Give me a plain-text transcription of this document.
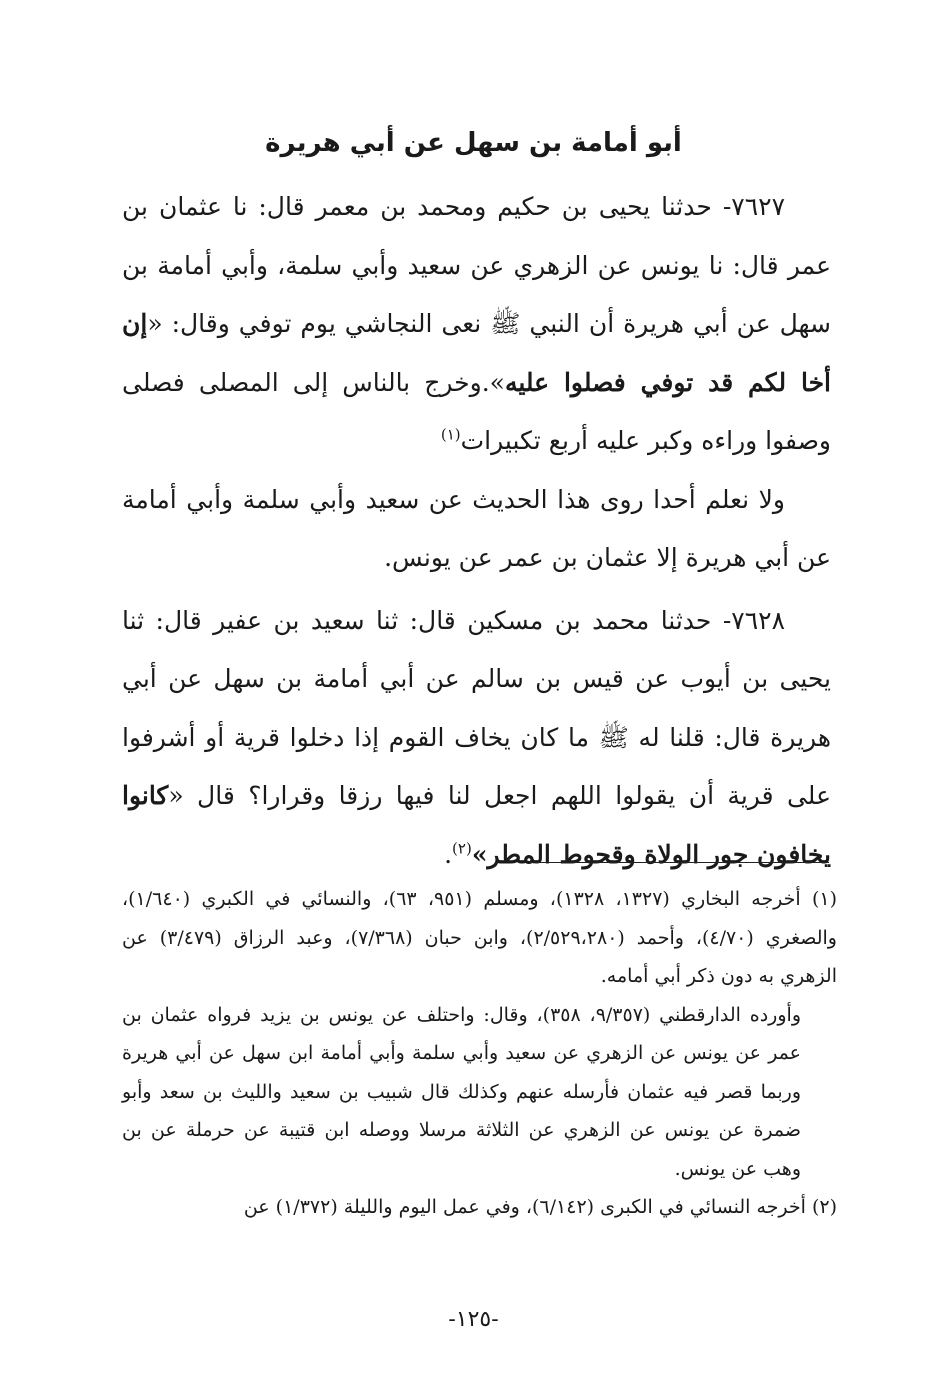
أبو أمامة بن سهل عن أبي هريرة

٧٦٢٧- حدثنا يحيى بن حكيم ومحمد بن معمر قال: نا عثمان بن عمر قال: نا يونس عن الزهري عن سعيد وأبي سلمة، وأبي أمامة بن سهل عن أبي هريرة أن النبي ﷺ نعى النجاشي يوم توفي وقال: «إن أخا لكم قد توفي فصلوا عليه».وخرج بالناس إلى المصلى فصلى وصفوا وراءه وكبر عليه أربع تكبيرات$^{(١)}$

ولا نعلم أحدا روى هذا الحديث عن سعيد وأبي سلمة وأبي أمامة عن أبي هريرة إلا عثمان بن عمر عن يونس.

٧٦٢٨- حدثنا محمد بن مسكين قال: ثنا سعيد بن عفير قال: ثنا يحيى بن أيوب عن قيس بن سالم عن أبي أمامة بن سهل عن أبي هريرة قال: قلنا له ﷺ ما كان يخاف القوم إذا دخلوا قرية أو أشرفوا على قرية أن يقولوا اللهم اجعل لنا فيها رزقا وقرارا؟ قال «كانوا يخافون جور الولاة وقحوط المطر»$^{(٢)}$.

(١) أخرجه البخاري (١٣٢٧، ١٣٢٨)، ومسلم (٩٥١، ٦٣)، والنسائي في الكبري (١/٦٤٠)، والصغري (٤/٧٠)، وأحمد (٢/٥٢٩،٢٨٠)، وابن حبان (٧/٣٦٨)، وعبد الرزاق (٣/٤٧٩) عن الزهري به دون ذكر أبي أمامه.

وأورده الدارقطني (٩/٣٥٧، ٣٥٨)، وقال: واحتلف عن يونس بن يزيد فرواه عثمان بن عمر عن يونس عن الزهري عن سعيد وأبي سلمة وأبي أمامة ابن سهل عن أبي هريرة وربما قصر فيه عثمان فأرسله عنهم وكذلك قال شبيب بن سعيد والليث بن سعد وأبو ضمرة عن يونس عن الزهري عن الثلاثة مرسلا ووصله ابن قتيبة عن حرملة عن بن وهب عن يونس.

(٢) أخرجه النسائي في الكبرى (٦/١٤٢)، وفي عمل اليوم والليلة (١/٣٧٢) عن

-١٢٥-
